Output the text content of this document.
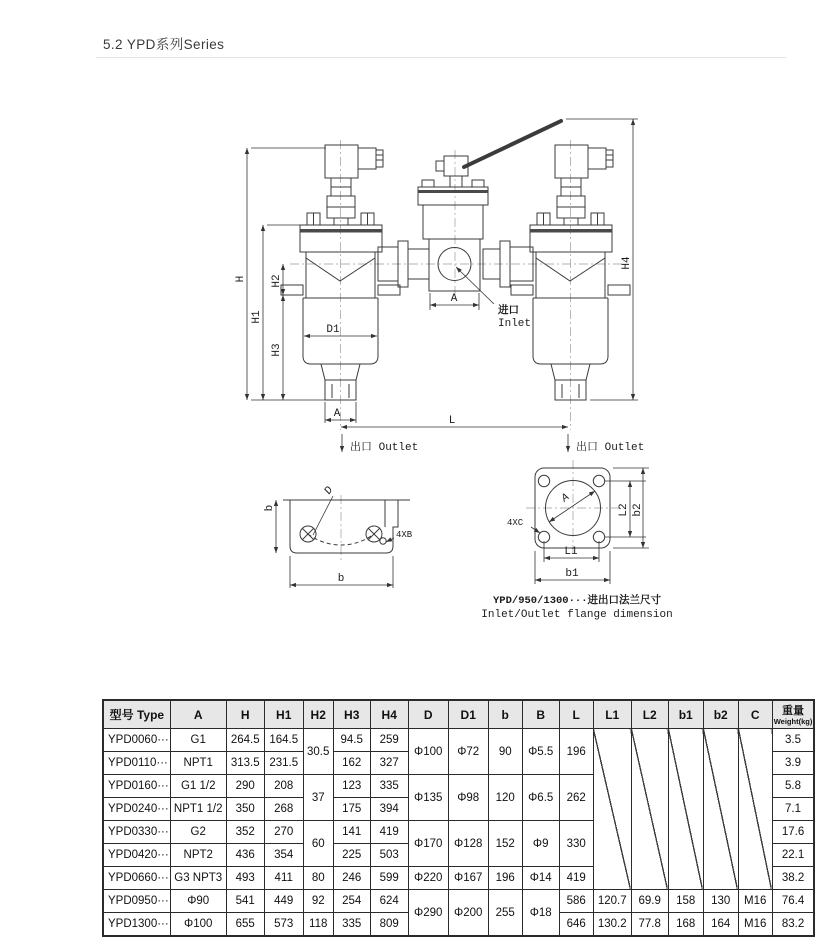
5.2 YPD系列Series
H
H1
H2
H3
H4
D1
A
A
L
进口
Inlet
出口 Outlet	出口 Outlet
b
b
D
4XB
A
4XC
L2 b2
L1
b1
YPD/950/1300···进出口法兰尺寸
Inlet/Outlet flange dimension
型号 Type	A	H	H1	H2	H3	H4	D	D1	b	B	L	L1	L2	b1	b2	C	重量
Weight(kg)

YPD0060···	G1	264.5	164.5	30.5	94.5	259	Φ100	Φ72	90	Φ5.5	196						3.5
YPD0110···	NPT1	313.5	231.5		162	327											3.9
YPD0160···	G1 1/2	290	208	37	123	335	Φ135	Φ98	120	Φ6.5	262						5.8
YPD0240···	NPT1 1/2	350	268		175	394											7.1
YPD0330···	G2	352	270	60	141	419	Φ170	Φ128	152	Φ9	330						17.6
YPD0420···	NPT2	436	354		225	503											22.1
YPD0660···	G3 NPT3	493	411	80	246	599	Φ220	Φ167	196	Φ14	419						38.2
YPD0950···	Φ90	541	449	92	254	624	Φ290	Φ200	255	Φ18	586	120.7	69.9	158	130	M16	76.4
YPD1300···	Φ100	655	573	118	335	809					646	130.2	77.8	168	164	M16	83.2
